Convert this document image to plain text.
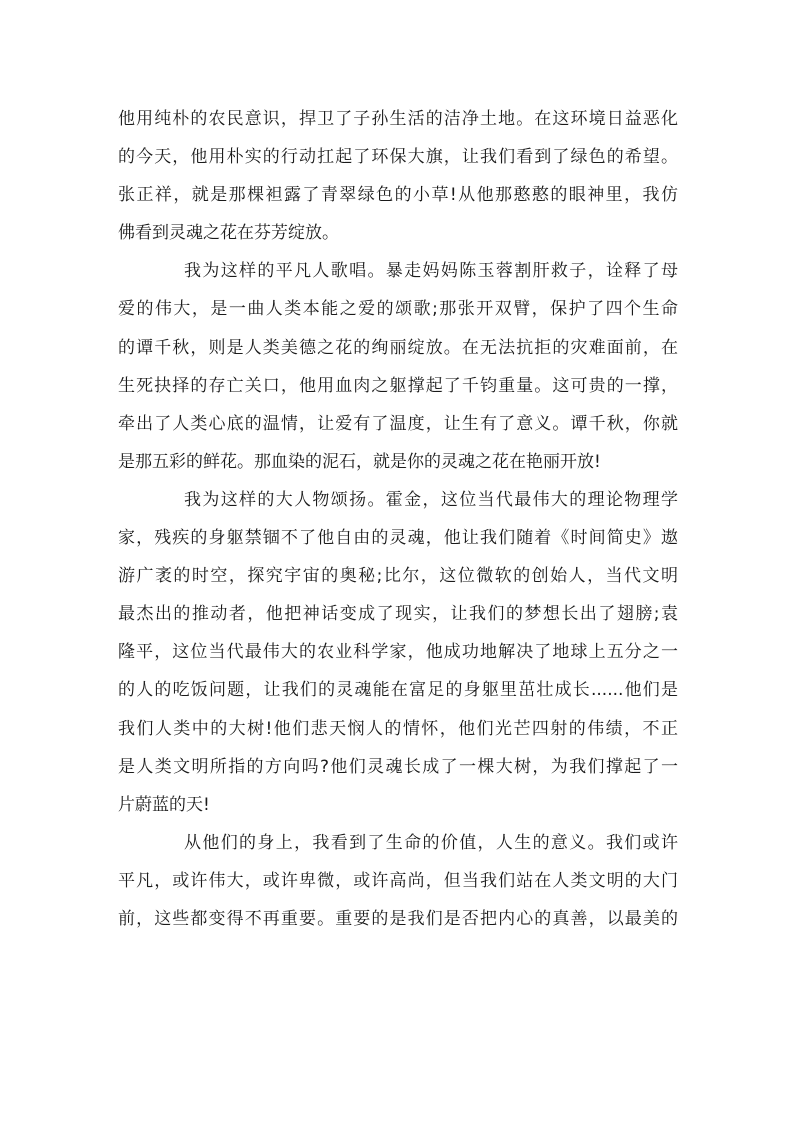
他用纯朴的农民意识，捍卫了子孙生活的洁净土地。在这环境日益恶化
的今天，他用朴实的行动扛起了环保大旗，让我们看到了绿色的希望。
张正祥，就是那棵袒露了青翠绿色的小草!从他那憨憨的眼神里，我仿
佛看到灵魂之花在芬芳绽放。
我为这样的平凡人歌唱。暴走妈妈陈玉蓉割肝救子，诠释了母
爱的伟大，是一曲人类本能之爱的颂歌;那张开双臂，保护了四个生命
的谭千秋，则是人类美德之花的绚丽绽放。在无法抗拒的灾难面前，在
生死抉择的存亡关口，他用血肉之躯撑起了千钧重量。这可贵的一撑，
牵出了人类心底的温情，让爱有了温度，让生有了意义。谭千秋，你就
是那五彩的鲜花。那血染的泥石，就是你的灵魂之花在艳丽开放!
我为这样的大人物颂扬。霍金，这位当代最伟大的理论物理学
家，残疾的身躯禁锢不了他自由的灵魂，他让我们随着《时间简史》遨
游广袤的时空，探究宇宙的奥秘;比尔，这位微软的创始人，当代文明
最杰出的推动者，他把神话变成了现实，让我们的梦想长出了翅膀;袁
隆平，这位当代最伟大的农业科学家，他成功地解决了地球上五分之一
的人的吃饭问题，让我们的灵魂能在富足的身躯里茁壮成长......他们是
我们人类中的大树!他们悲天悯人的情怀，他们光芒四射的伟绩，不正
是人类文明所指的方向吗?他们灵魂长成了一棵大树，为我们撑起了一
片蔚蓝的天!
从他们的身上，我看到了生命的价值，人生的意义。我们或许
平凡，或许伟大，或许卑微，或许高尚，但当我们站在人类文明的大门
前，这些都变得不再重要。重要的是我们是否把内心的真善，以最美的
